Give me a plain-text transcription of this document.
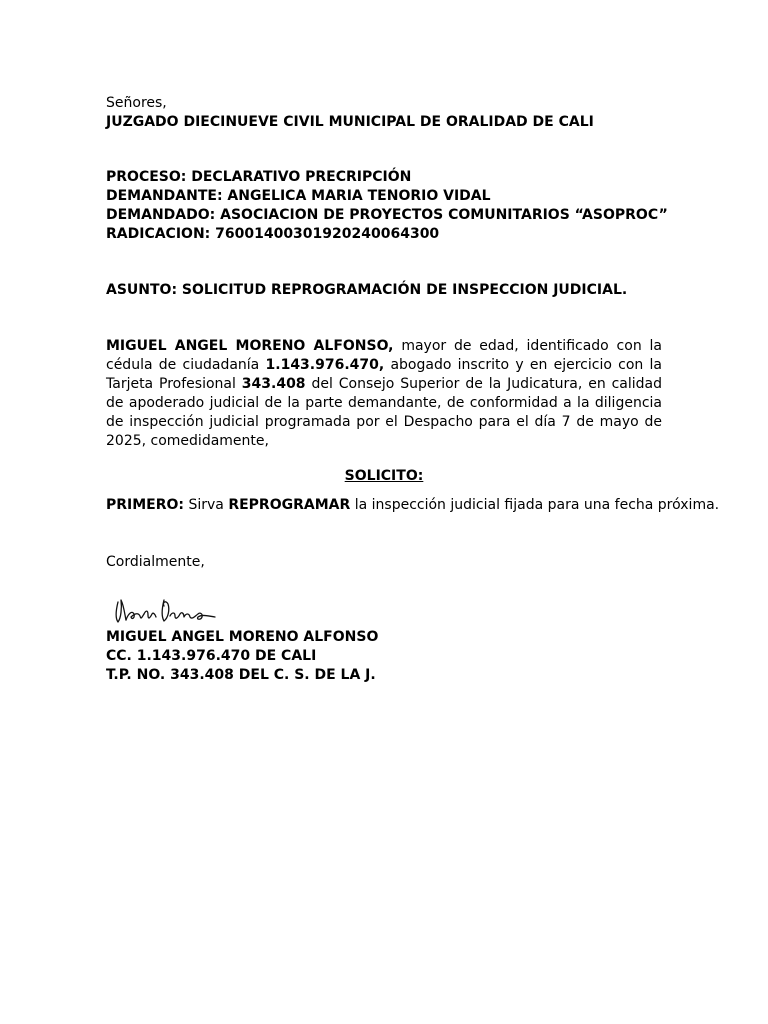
Señores,
JUZGADO DIECINUEVE CIVIL MUNICIPAL DE ORALIDAD DE CALI
PROCESO: DECLARATIVO PRECRIPCIÓN
DEMANDANTE: ANGELICA MARIA TENORIO VIDAL
DEMANDADO: ASOCIACION DE PROYECTOS COMUNITARIOS “ASOPROC”
RADICACION: 76001400301920240064300
ASUNTO: SOLICITUD REPROGRAMACIÓN DE INSPECCION JUDICIAL.
MIGUEL ANGEL MORENO ALFONSO, mayor de edad, identificado con la cédula de ciudadanía 1.143.976.470, abogado inscrito y en ejercicio con la Tarjeta Profesional 343.408 del Consejo Superior de la Judicatura, en calidad de apoderado judicial de la parte demandante, de conformidad a la diligencia de inspección judicial programada por el Despacho para el día 7 de mayo de 2025, comedidamente,
SOLICITO:
PRIMERO: Sirva REPROGRAMAR la inspección judicial fijada para una fecha próxima.
Cordialmente,
MIGUEL ANGEL MORENO ALFONSO
CC. 1.143.976.470 DE CALI
T.P. NO. 343.408 DEL C. S. DE LA J.
